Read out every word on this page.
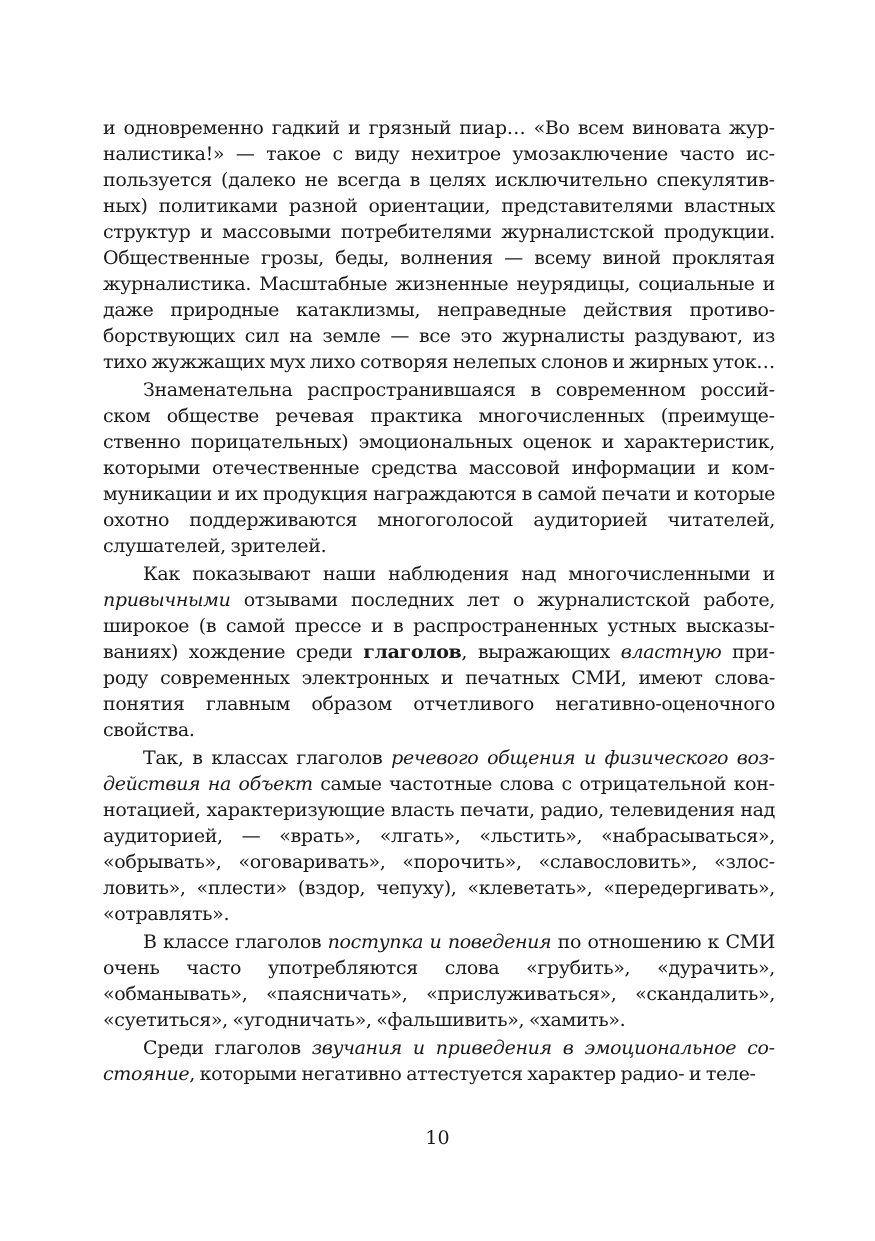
и одновременно гадкий и грязный пиар… «Во всем виновата журналистика!» — такое с виду нехитрое умозаключение часто используется (далеко не всегда в целях исключительно спекулятивных) политиками разной ориентации, представителями властных структур и массовыми потребителями журналистской продукции. Общественные грозы, беды, волнения — всему виной проклятая журналистика. Масштабные жизненные неурядицы, социальные и даже природные катаклизмы, неправедные действия противоборствующих сил на земле — все это журналисты раздувают, из тихо жужжащих мух лихо сотворяя нелепых слонов и жирных уток…

Знаменательна распространившаяся в современном российском обществе речевая практика многочисленных (преимущественно порицательных) эмоциональных оценок и характеристик, которыми отечественные средства массовой информации и коммуникации и их продукция награждаются в самой печати и которые охотно поддерживаются многоголосой аудиторией читателей, слушателей, зрителей.

Как показывают наши наблюдения над многочисленными и привычными отзывами последних лет о журналистской работе, широкое (в самой прессе и в распространенных устных высказываниях) хождение среди глаголов, выражающих властную природу современных электронных и печатных СМИ, имеют слова-понятия главным образом отчетливого негативно-оценочного свойства.

Так, в классах глаголов речевого общения и физического воздействия на объект самые частотные слова с отрицательной коннотацией, характеризующие власть печати, радио, телевидения над аудиторией, — «врать», «лгать», «льстить», «набрасываться», «обрывать», «оговаривать», «порочить», «славословить», «злословить», «плести» (вздор, чепуху), «клеветать», «передергивать», «отравлять».

В классе глаголов поступка и поведения по отношению к СМИ очень часто употребляются слова «грубить», «дурачить», «обманывать», «паясничать», «прислуживаться», «скандалить», «суетиться», «угодничать», «фальшивить», «хамить».

Среди глаголов звучания и приведения в эмоциональное состояние, которыми негативно аттестуется характер радио- и теле-

10
